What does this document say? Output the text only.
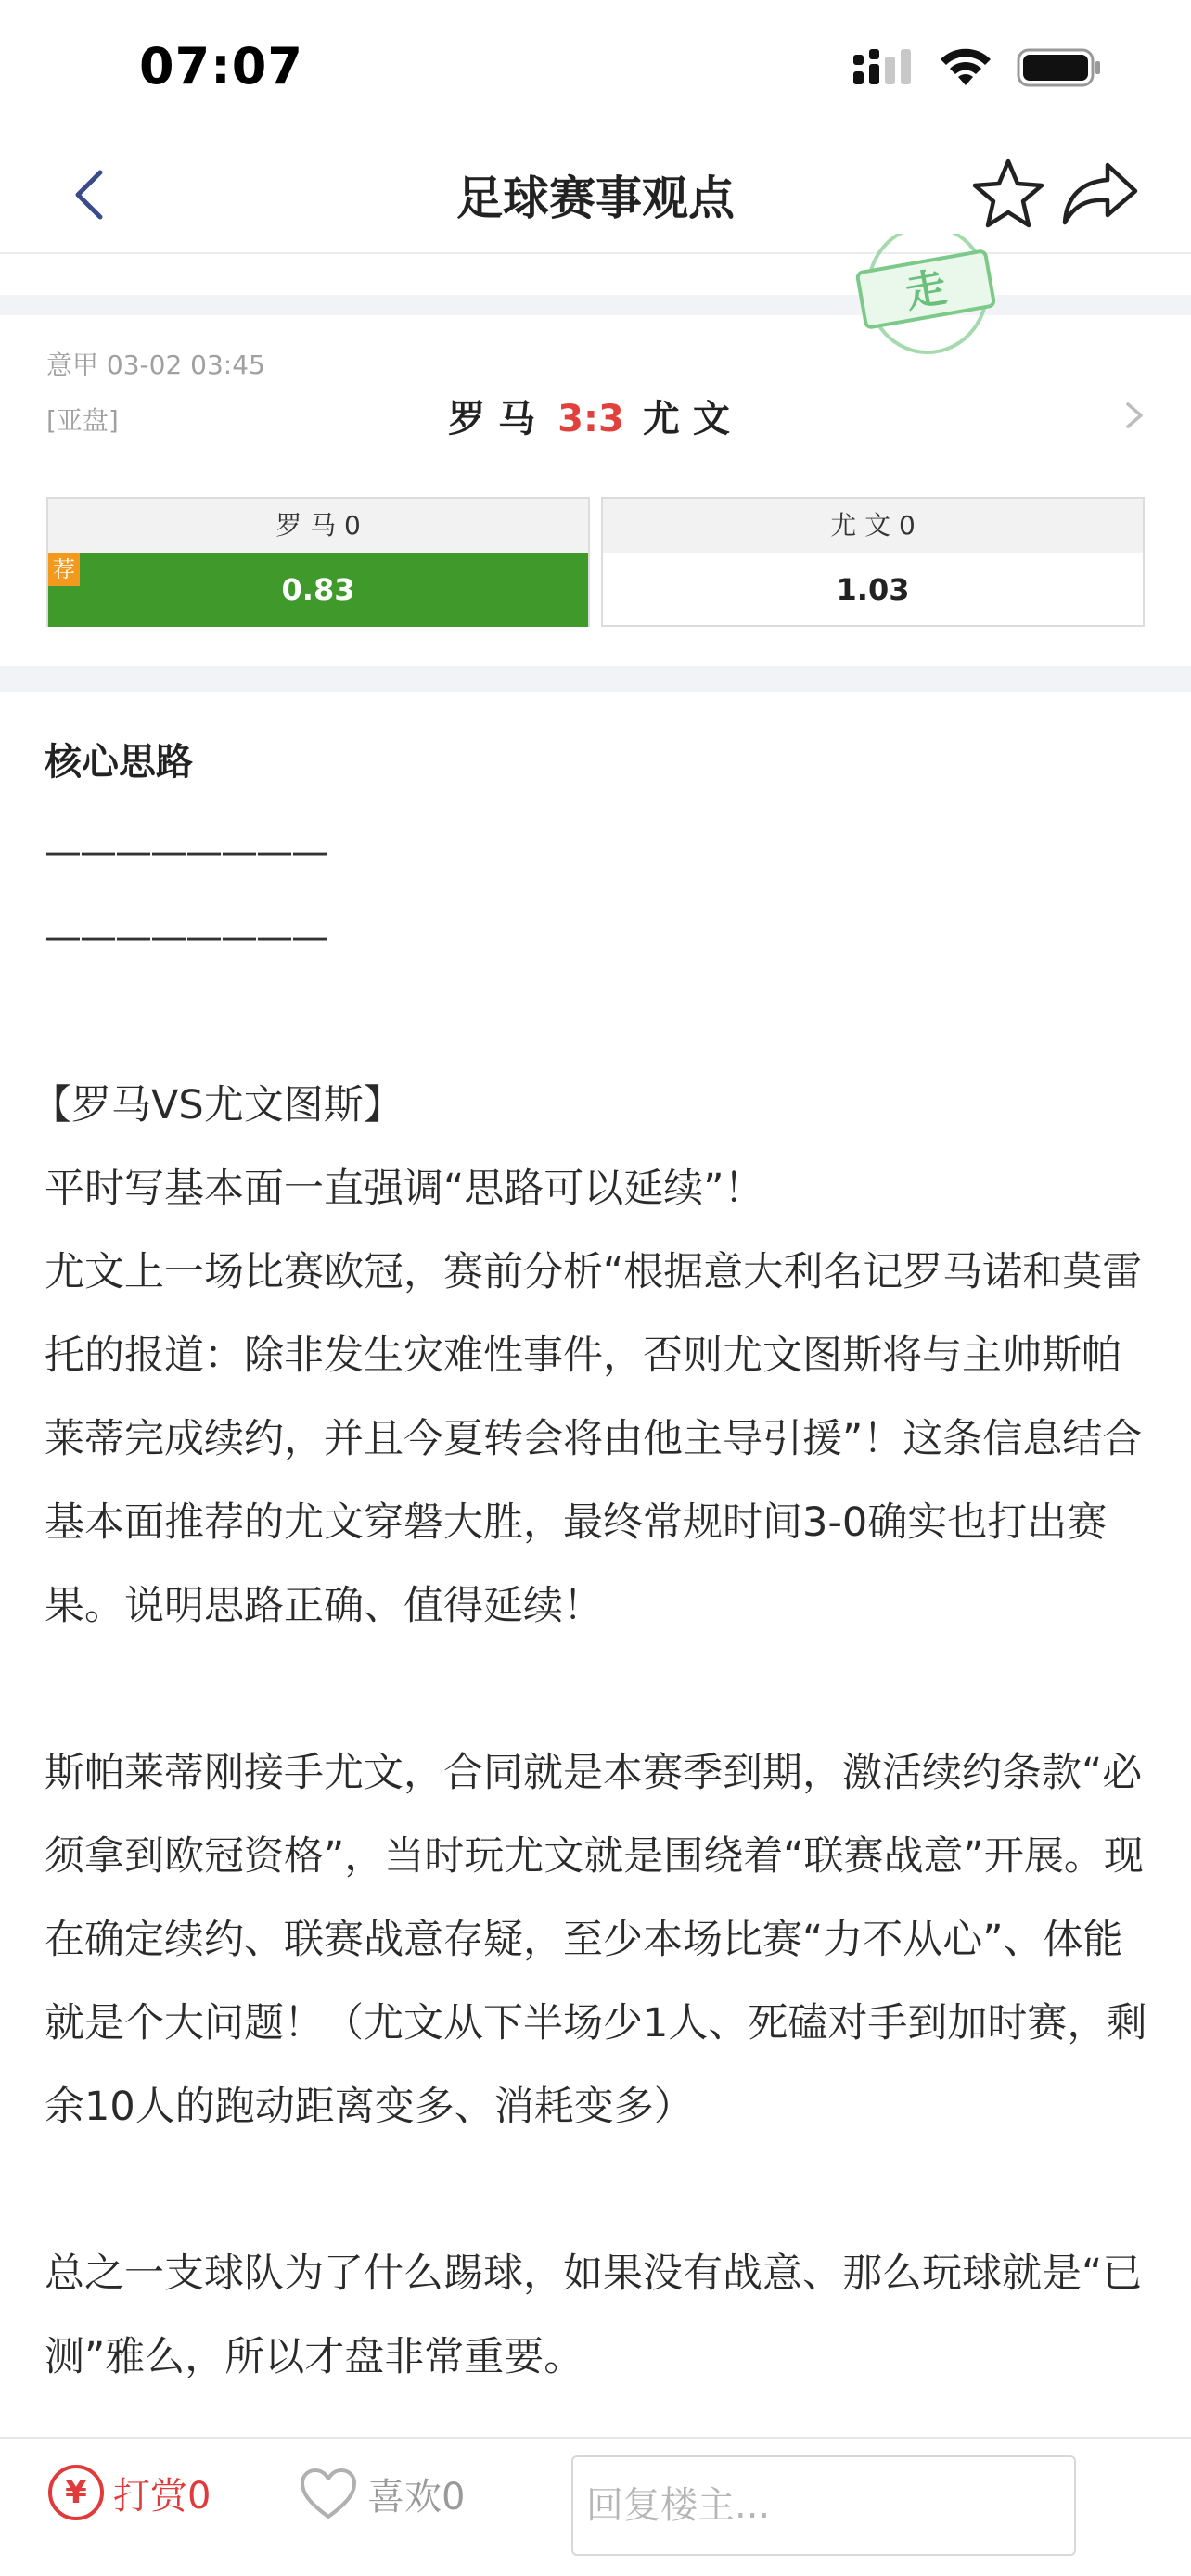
07:07
足球赛事观点
走
意甲 03-02 03:45
[亚盘]	罗马 3:3 尤文
罗 马 0
荐
0.83
尤 文 0
1.03
核心思路
————————
————————
【罗马VS尤文图斯】
平时写基本面一直强调“思路可以延续”！
尤文上一场比赛欧冠，赛前分析“根据意大利名记罗马诺和莫雷托的报道：除非发生灾难性事件，否则尤文图斯将与主帅斯帕莱蒂完成续约，并且今夏转会将由他主导引援”！这条信息结合基本面推荐的尤文穿磐大胜，最终常规时间3-0确实也打出赛果。说明思路正确、值得延续！
斯帕莱蒂刚接手尤文，合同就是本赛季到期，激活续约条款“必须拿到欧冠资格”，当时玩尤文就是围绕着“联赛战意”开展。现在确定续约、联赛战意存疑，至少本场比赛“力不从心”、体能就是个大问题！（尤文从下半场少1人、死磕对手到加时赛，剩余10人的跑动距离变多、消耗变多）
总之一支球队为了什么踢球，如果没有战意、那么玩球就是“已测”雅么，所以才盘非常重要。
¥ 打赏0	喜欢0
回复楼主...
